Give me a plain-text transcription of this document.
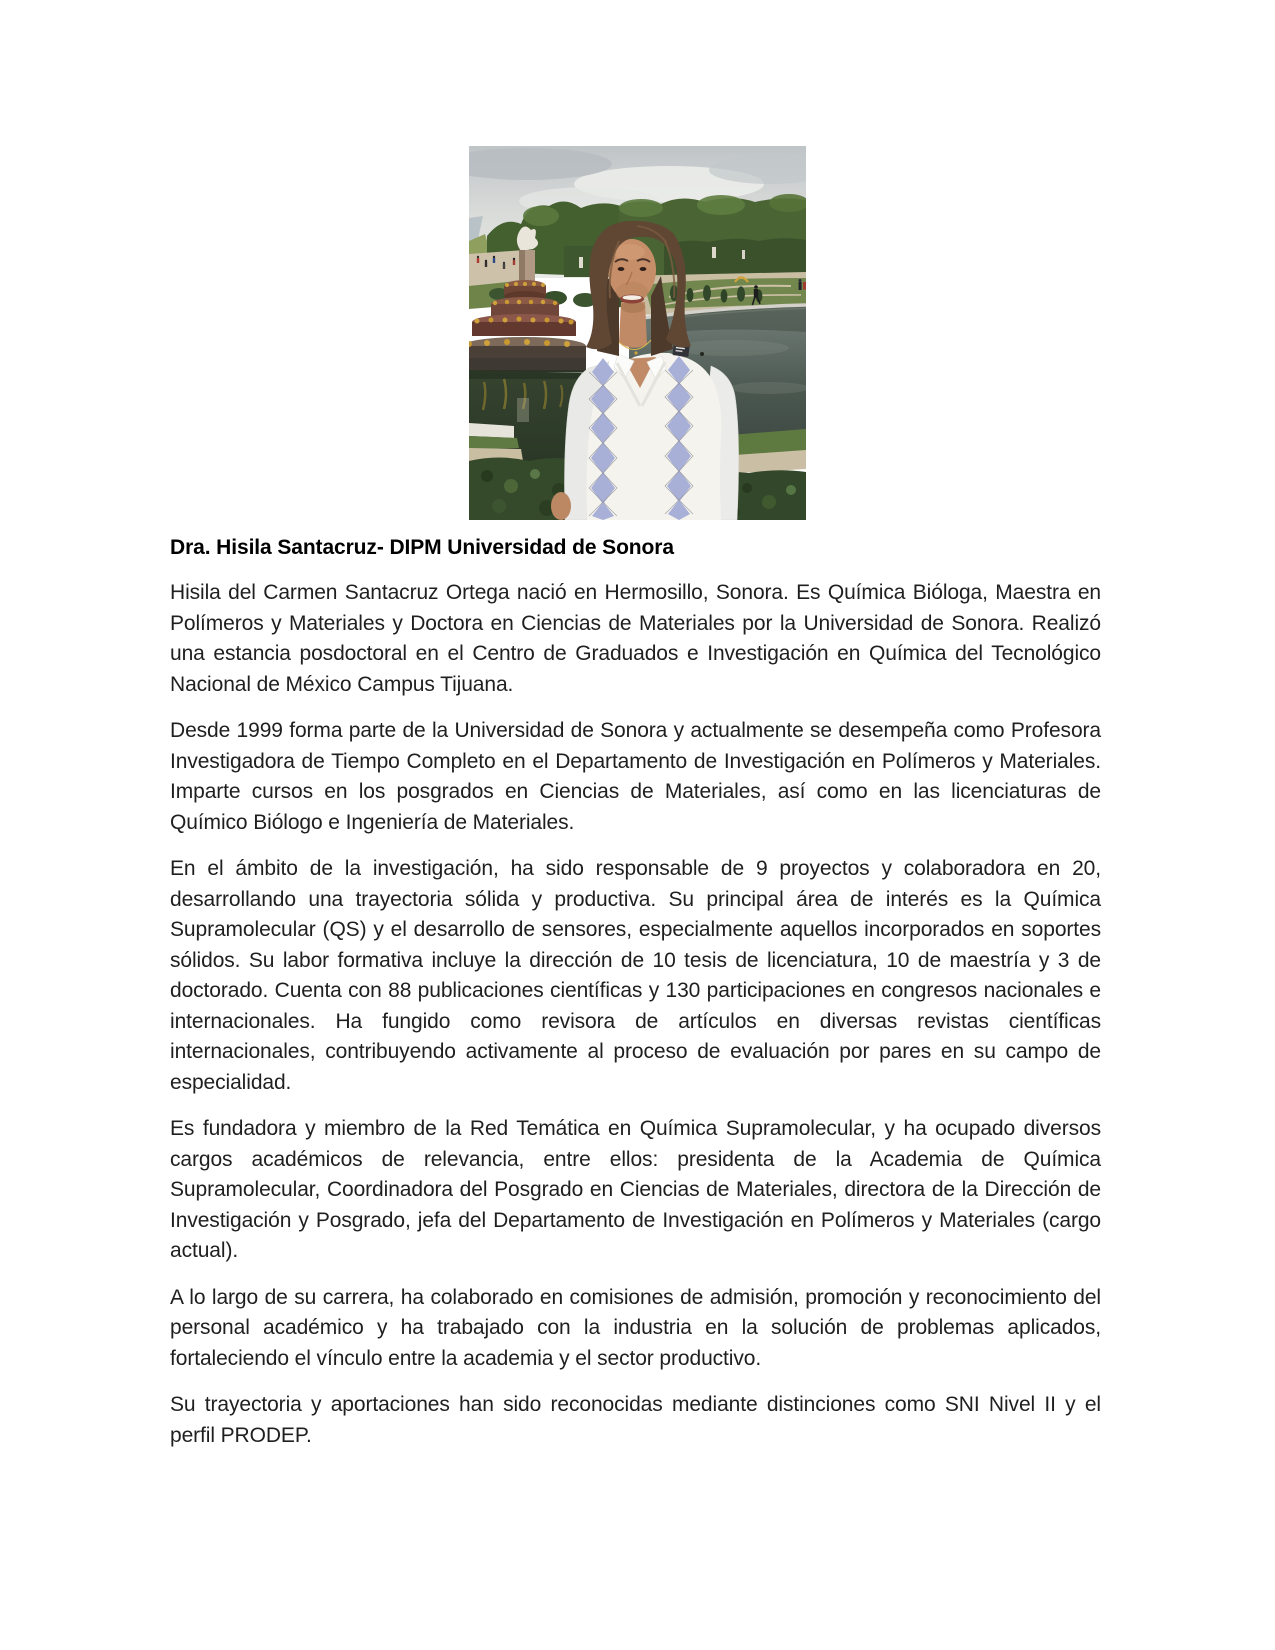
Dra. Hisila Santacruz- DIPM Universidad de Sonora

Hisila del Carmen Santacruz Ortega nació en Hermosillo, Sonora. Es Química Bióloga, Maestra en Polímeros y Materiales y Doctora en Ciencias de Materiales por la Universidad de Sonora. Realizó una estancia posdoctoral en el Centro de Graduados e Investigación en Química del Tecnológico Nacional de México Campus Tijuana.

Desde 1999 forma parte de la Universidad de Sonora y actualmente se desempeña como Profesora Investigadora de Tiempo Completo en el Departamento de Investigación en Polímeros y Materiales. Imparte cursos en los posgrados en Ciencias de Materiales, así como en las licenciaturas de Químico Biólogo e Ingeniería de Materiales.

En el ámbito de la investigación, ha sido responsable de 9 proyectos y colaboradora en 20, desarrollando una trayectoria sólida y productiva. Su principal área de interés es la Química Supramolecular (QS) y el desarrollo de sensores, especialmente aquellos incorporados en soportes sólidos. Su labor formativa incluye la dirección de 10 tesis de licenciatura, 10 de maestría y 3 de doctorado. Cuenta con 88 publicaciones científicas y 130 participaciones en congresos nacionales e internacionales. Ha fungido como revisora de artículos en diversas revistas científicas internacionales, contribuyendo activamente al proceso de evaluación por pares en su campo de especialidad.

Es fundadora y miembro de la Red Temática en Química Supramolecular, y ha ocupado diversos cargos académicos de relevancia, entre ellos: presidenta de la Academia de Química Supramolecular, Coordinadora del Posgrado en Ciencias de Materiales, directora de la Dirección de Investigación y Posgrado, jefa del Departamento de Investigación en Polímeros y Materiales (cargo actual).

A lo largo de su carrera, ha colaborado en comisiones de admisión, promoción y reconocimiento del personal académico y ha trabajado con la industria en la solución de problemas aplicados, fortaleciendo el vínculo entre la academia y el sector productivo.

Su trayectoria y aportaciones han sido reconocidas mediante distinciones como SNI Nivel II y el perfil PRODEP.
